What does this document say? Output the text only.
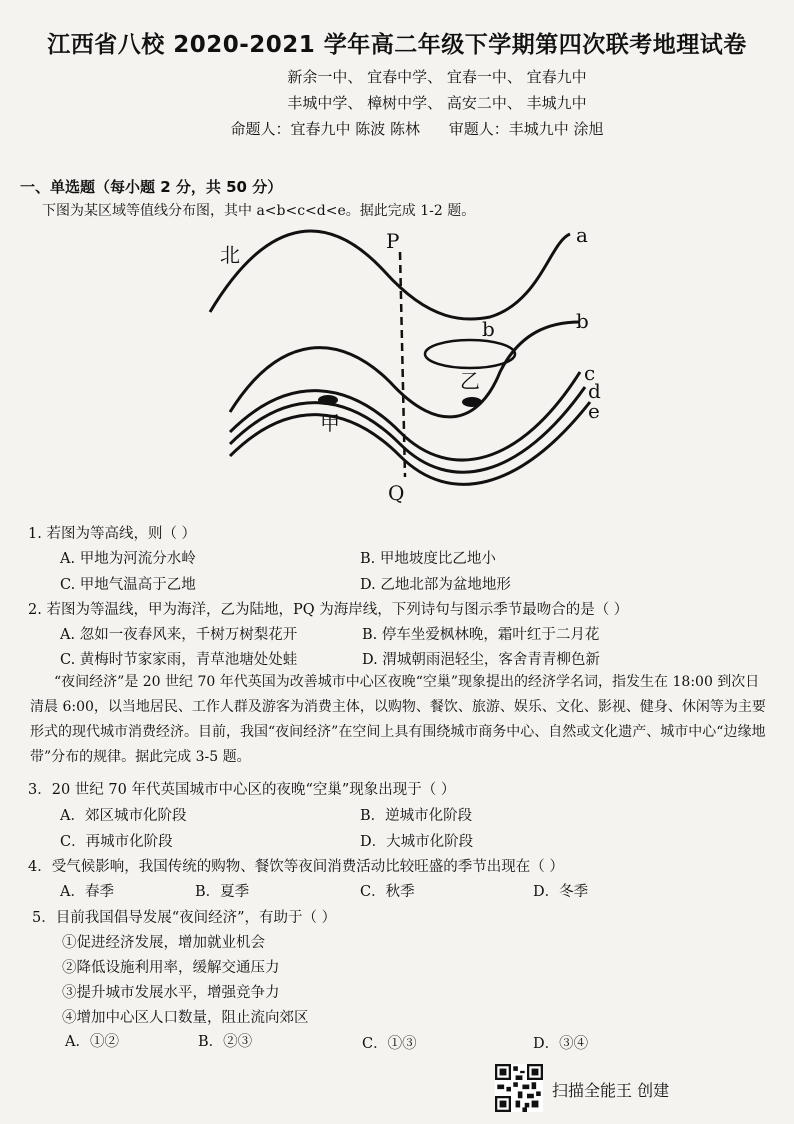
江西省八校 2020-2021 学年高二年级下学期第四次联考地理试卷
新余一中、 宜春中学、 宜春一中、 宜春九中
丰城中学、 樟树中学、 高安二中、 丰城九中
命题人：宜春九中 陈波 陈林 审题人：丰城九中 涂旭
一、单选题（每小题 2 分，共 50 分）
下图为某区域等值线分布图，其中 a<b<c<d<e。据此完成 1-2 题。
北
P
Q
甲
乙
b
a
b
c
d
e
1. 若图为等高线，则（ ）
A. 甲地为河流分水岭	B. 甲地坡度比乙地小
C. 甲地气温高于乙地	D. 乙地北部为盆地地形
2. 若图为等温线，甲为海洋，乙为陆地，PQ 为海岸线，下列诗句与图示季节最吻合的是（ ）
A. 忽如一夜春风来，千树万树梨花开	B. 停车坐爱枫林晚，霜叶红于二月花
C. 黄梅时节家家雨，青草池塘处处蛙	D. 渭城朝雨浥轻尘，客舍青青柳色新
“夜间经济”是 20 世纪 70 年代英国为改善城市中心区夜晚“空巢”现象提出的经济学名词，指发生在 18:00 到次日清晨 6:00，以当地居民、工作人群及游客为消费主体，以购物、餐饮、旅游、娱乐、文化、影视、健身、休闲等为主要形式的现代城市消费经济。目前，我国“夜间经济”在空间上具有围绕城市商务中心、自然或文化遗产、城市中心“边缘地带”分布的规律。据此完成 3-5 题。
3．20 世纪 70 年代英国城市中心区的夜晚“空巢”现象出现于（ ）
A．郊区城市化阶段	B．逆城市化阶段
C．再城市化阶段	D．大城市化阶段
4．受气候影响，我国传统的购物、餐饮等夜间消费活动比较旺盛的季节出现在（ ）
A．春季	B．夏季	C．秋季	D．冬季
5．目前我国倡导发展“夜间经济”，有助于（ ）
①促进经济发展，增加就业机会
②降低设施利用率，缓解交通压力
③提升城市发展水平，增强竞争力
④增加中心区人口数量，阻止流向郊区
A．①②	B．②③	C．①③	D．③④
扫描全能王 创建
